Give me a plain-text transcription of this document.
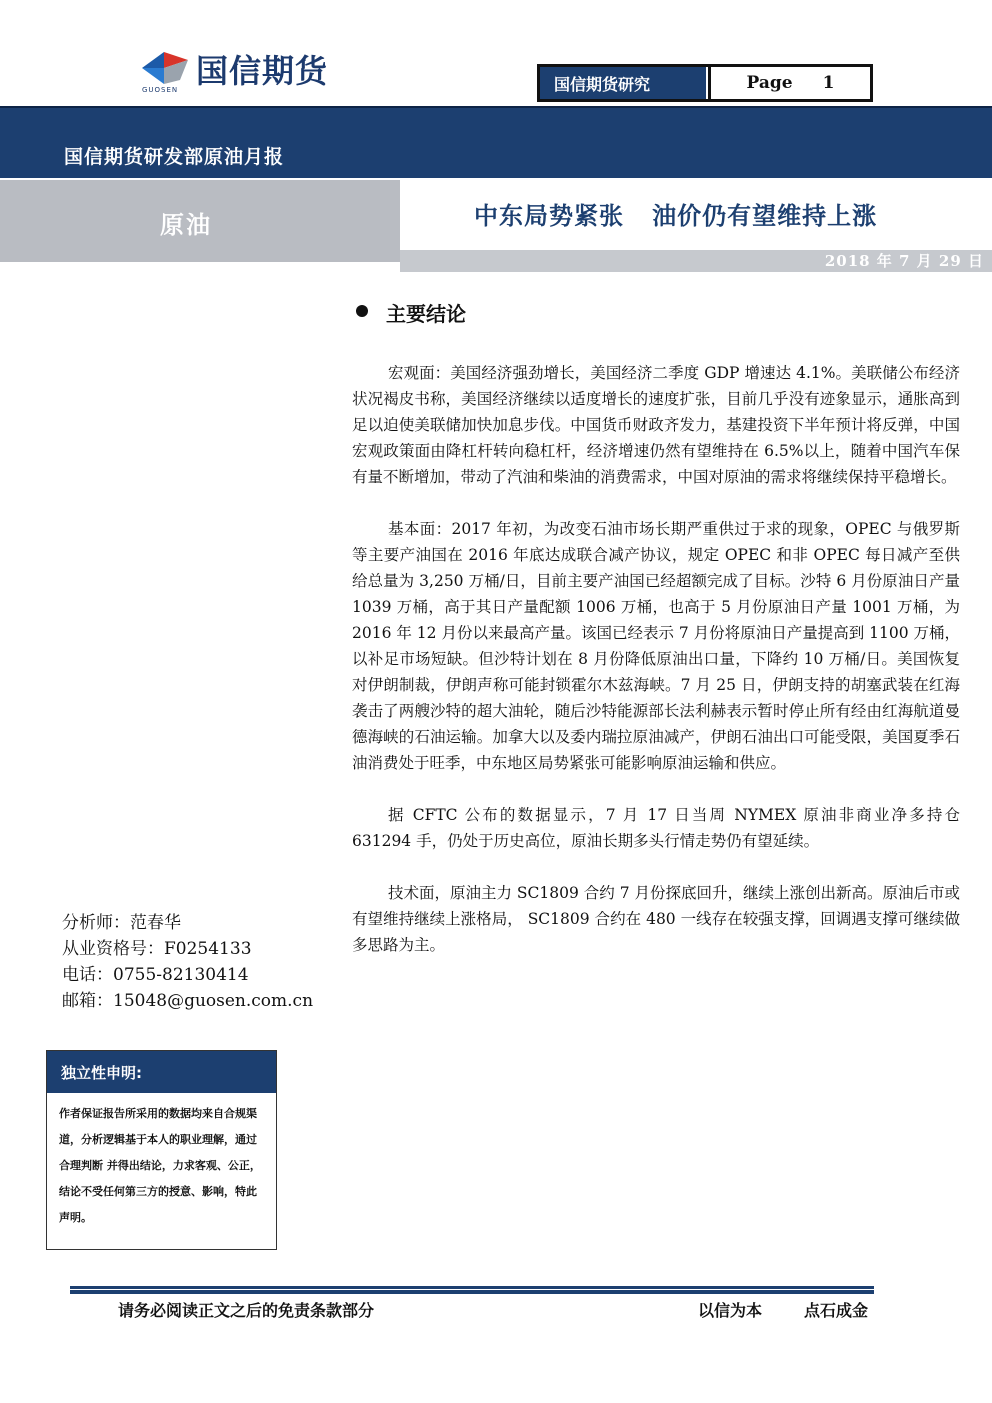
国信期货
GUOSEN	国信期货研究	Page 1
国信期货研发部原油月报
原油	中东局势紧张   油价仍有望维持上涨
2018 年 7 月 29 日
主要结论

宏观面：美国经济强劲增长，美国经济二季度 GDP 增速达 4.1%。美联储公布经济状况褐皮书称，美国经济继续以适度增长的速度扩张，目前几乎没有迹象显示，通胀高到足以迫使美联储加快加息步伐。中国货币财政齐发力，基建投资下半年预计将反弹，中国宏观政策面由降杠杆转向稳杠杆，经济增速仍然有望维持在 6.5%以上，随着中国汽车保有量不断增加，带动了汽油和柴油的消费需求，中国对原油的需求将继续保持平稳增长。

基本面：2017 年初，为改变石油市场长期严重供过于求的现象，OPEC 与俄罗斯等主要产油国在 2016 年底达成联合减产协议，规定 OPEC 和非 OPEC 每日减产至供给总量为 3,250 万桶/日，目前主要产油国已经超额完成了目标。沙特 6 月份原油日产量 1039 万桶，高于其日产量配额 1006 万桶，也高于 5 月份原油日产量 1001 万桶，为 2016 年 12 月份以来最高产量。该国已经表示 7 月份将原油日产量提高到 1100 万桶，以补足市场短缺。但沙特计划在 8 月份降低原油出口量，下降约 10 万桶/日。美国恢复对伊朗制裁，伊朗声称可能封锁霍尔木兹海峡。7 月 25 日，伊朗支持的胡塞武装在红海袭击了两艘沙特的超大油轮，随后沙特能源部长法利赫表示暂时停止所有经由红海航道曼德海峡的石油运输。加拿大以及委内瑞拉原油减产，伊朗石油出口可能受限，美国夏季石油消费处于旺季，中东地区局势紧张可能影响原油运输和供应。

据 CFTC 公布的数据显示，7 月 17 日当周 NYMEX 原油非商业净多持仓 631294 手，仍处于历史高位，原油长期多头行情走势仍有望延续。

技术面，原油主力 SC1809 合约 7 月份探底回升，继续上涨创出新高。原油后市或有望维持继续上涨格局， SC1809 合约在 480 一线存在较强支撑，回调遇支撑可继续做多思路为主。

分析师：范春华
从业资格号：F0254133
电话：0755-82130414
邮箱：15048@guosen.com.cn
独立性申明:
作者保证报告所采用的数据均来自合规渠道，分析逻辑基于本人的职业理解，通过合理判断 并得出结论，力求客观、公正，结论不受任何第三方的授意、影响，特此声明。
请务必阅读正文之后的免责条款部分	以信为本	点石成金
